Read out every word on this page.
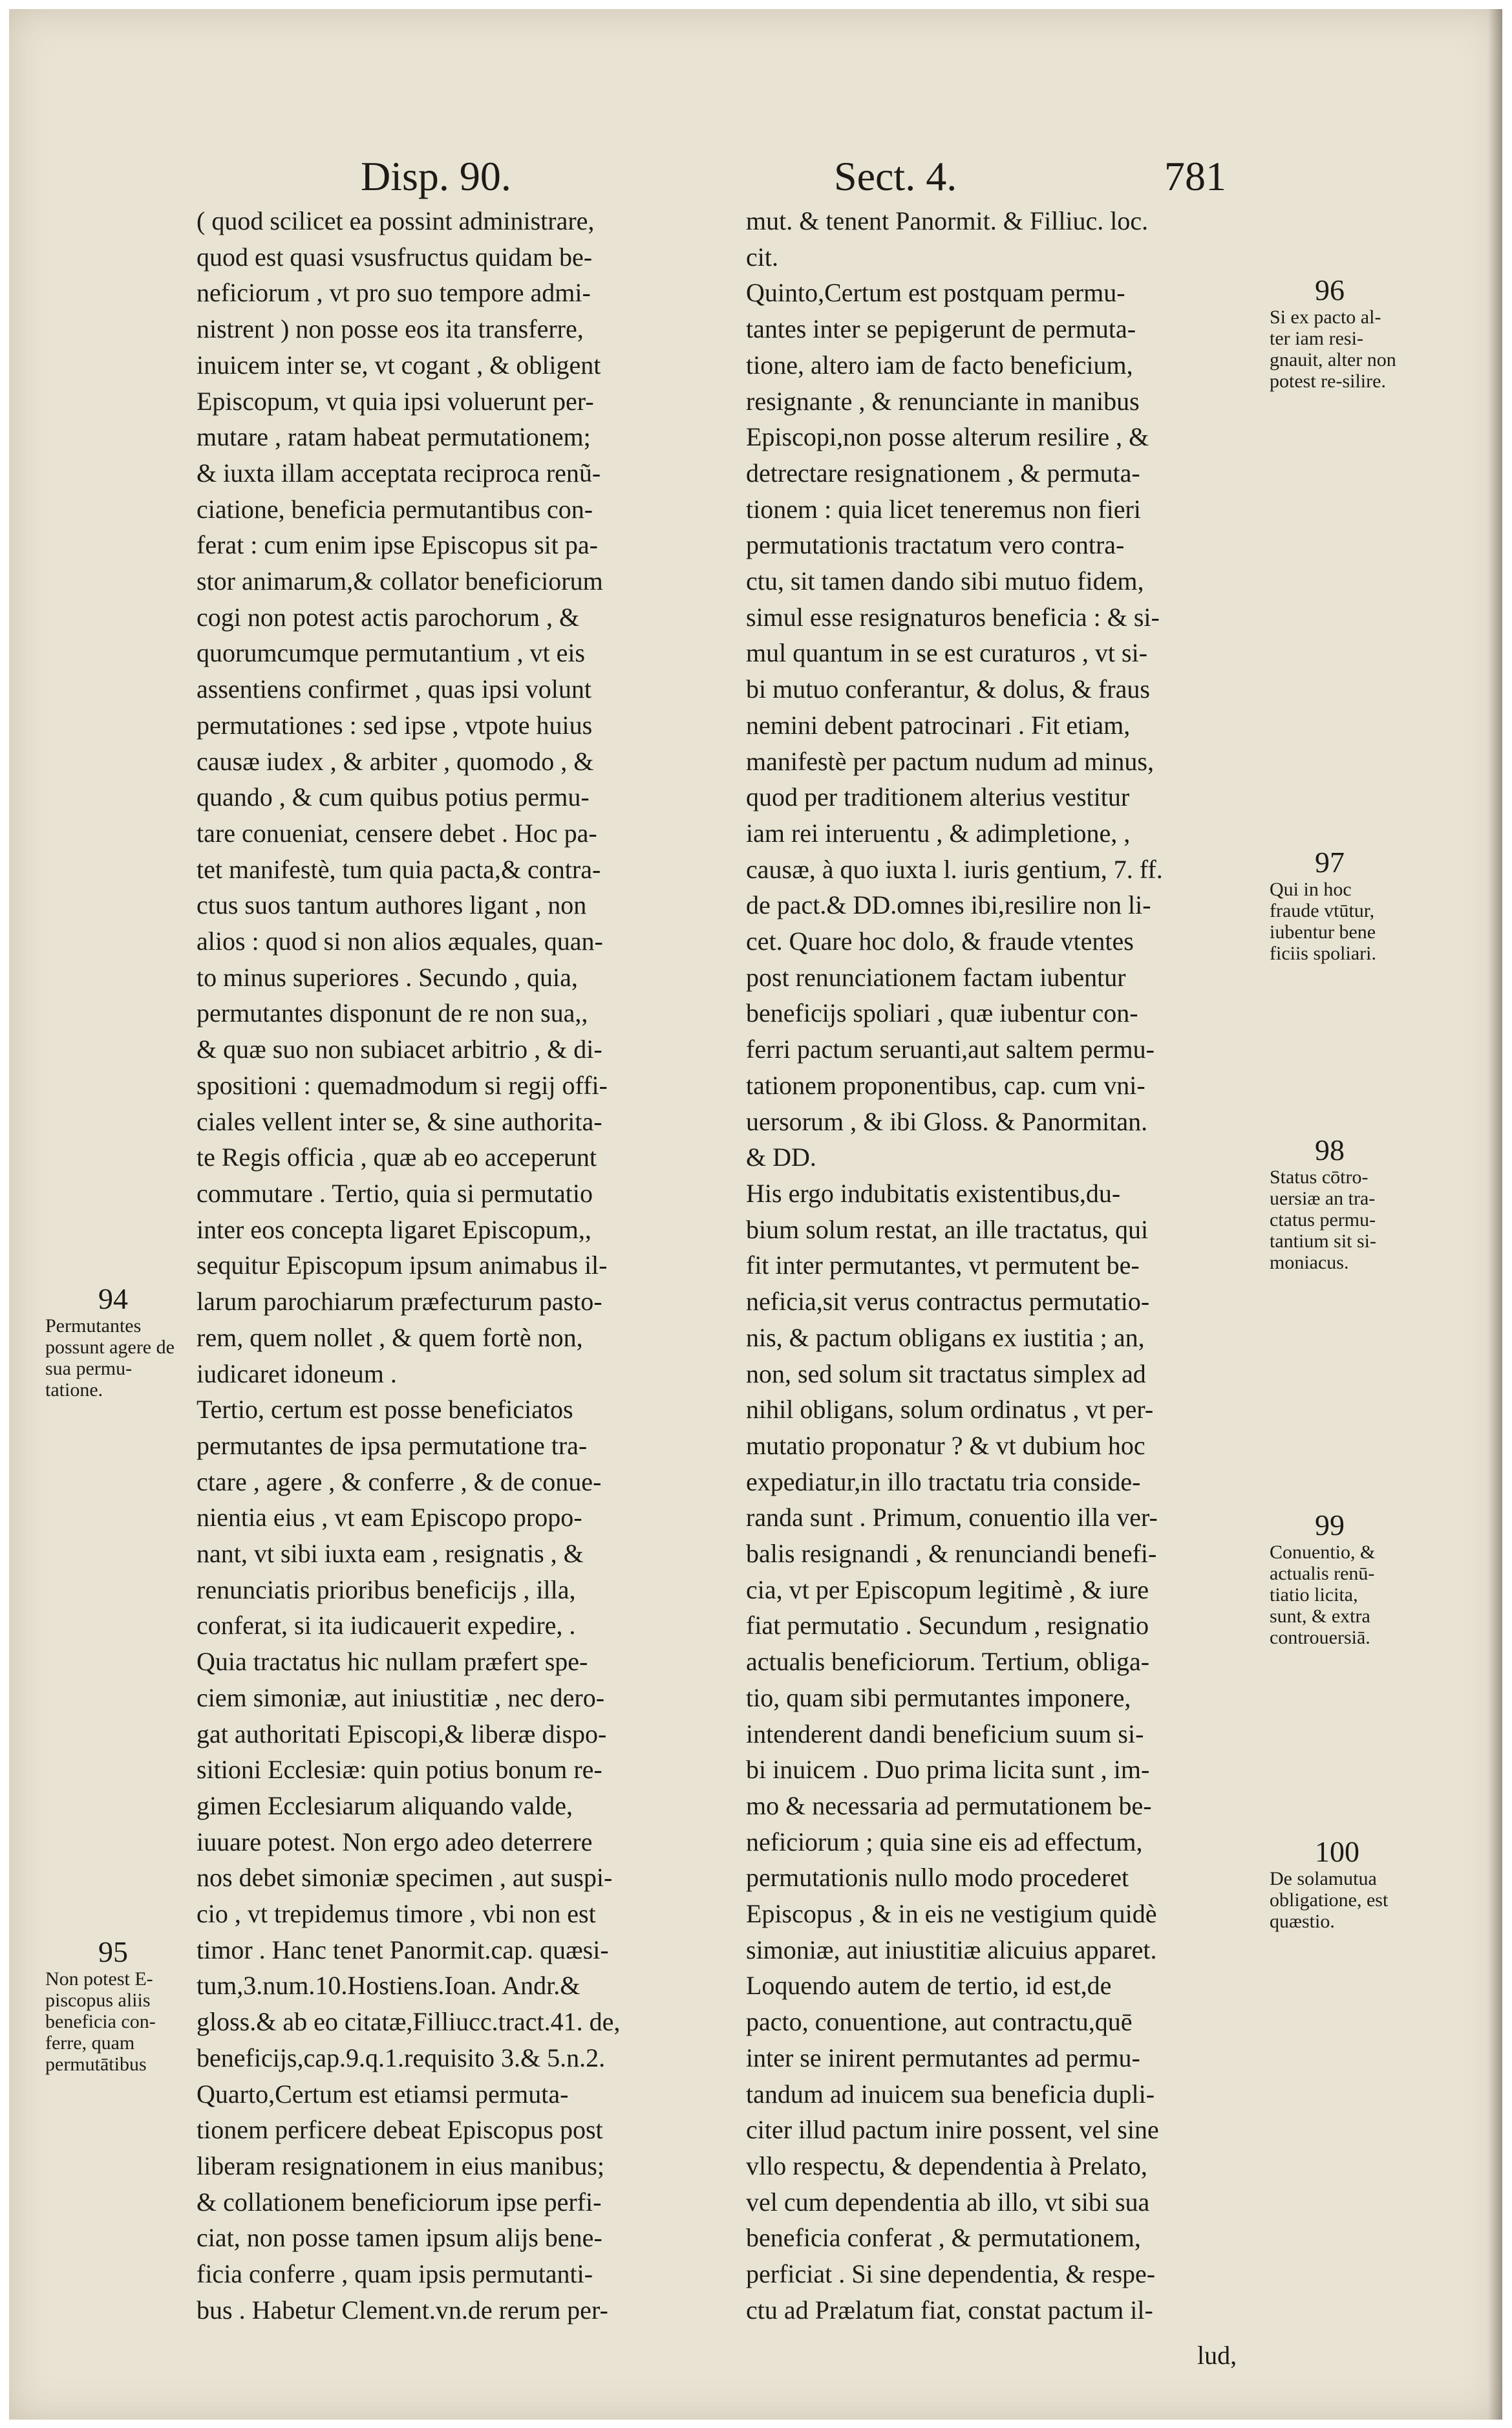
Disp. 90.	Sect. 4.	781
( quod scilicet ea possint administrare,
quod est quasi vsusfructus quidam be-
neficiorum , vt pro suo tempore admi-
nistrent ) non posse eos ita transferre,
inuicem inter se, vt cogant , & obligent
Episcopum, vt quia ipsi voluerunt per-
mutare , ratam habeat permutationem;
& iuxta illam acceptata reciproca renũ-
ciatione, beneficia permutantibus con-
ferat : cum enim ipse Episcopus sit pa-
stor animarum,& collator beneficiorum
cogi non potest actis parochorum , &
quorumcumque permutantium , vt eis
assentiens confirmet , quas ipsi volunt
permutationes : sed ipse , vtpote huius
causæ iudex , & arbiter , quomodo , &
quando , & cum quibus potius permu-
tare conueniat, censere debet . Hoc pa-
tet manifestè, tum quia pacta,& contra-
ctus suos tantum authores ligant , non
alios : quod si non alios æquales, quan-
to minus superiores . Secundo , quia,
permutantes disponunt de re non sua,,
& quæ suo non subiacet arbitrio , & di-
spositioni : quemadmodum si regij offi-
ciales vellent inter se, & sine authorita-
te Regis officia , quæ ab eo acceperunt
commutare . Tertio, quia si permutatio
inter eos concepta ligaret Episcopum,,
sequitur Episcopum ipsum animabus il-
larum parochiarum præfecturum pasto-
rem, quem nollet , & quem fortè non,
iudicaret idoneum .
Tertio, certum est posse beneficiatos
permutantes de ipsa permutatione tra-
ctare , agere , & conferre , & de conue-
nientia eius , vt eam Episcopo propo-
nant, vt sibi iuxta eam , resignatis , &
renunciatis prioribus beneficijs , illa,
conferat, si ita iudicauerit expedire, .
Quia tractatus hic nullam præfert spe-
ciem simoniæ, aut iniustitiæ , nec dero-
gat authoritati Episcopi,& liberæ dispo-
sitioni Ecclesiæ: quin potius bonum re-
gimen Ecclesiarum aliquando valde,
iuuare potest. Non ergo adeo deterrere
nos debet simoniæ specimen , aut suspi-
cio , vt trepidemus timore , vbi non est
timor . Hanc tenet Panormit.cap. quæsi-
tum,3.num.10.Hostiens.Ioan. Andr.&
gloss.& ab eo citatæ,Filliucc.tract.41. de,
beneficijs,cap.9.q.1.requisito 3.& 5.n.2.
Quarto,Certum est etiamsi permuta-
tionem perficere debeat Episcopus post
liberam resignationem in eius manibus;
& collationem beneficiorum ipse perfi-
ciat, non posse tamen ipsum alijs bene-
ficia conferre , quam ipsis permutanti-
bus . Habetur Clement.vn.de rerum per-
mut. & tenent Panormit. & Filliuc. loc.
cit.
Quinto,Certum est postquam permu-
tantes inter se pepigerunt de permuta-
tione, altero iam de facto beneficium,
resignante , & renunciante in manibus
Episcopi,non posse alterum resilire , &
detrectare resignationem , & permuta-
tionem : quia licet teneremus non fieri
permutationis tractatum vero contra-
ctu, sit tamen dando sibi mutuo fidem,
simul esse resignaturos beneficia : & si-
mul quantum in se est curaturos , vt si-
bi mutuo conferantur, & dolus, & fraus
nemini debent patrocinari . Fit etiam,
manifestè per pactum nudum ad minus,
quod per traditionem alterius vestitur
iam rei interuentu , & adimpletione, ,
causæ, à quo iuxta l. iuris gentium, 7. ff.
de pact.& DD.omnes ibi,resilire non li-
cet. Quare hoc dolo, & fraude vtentes
post renunciationem factam iubentur
beneficijs spoliari , quæ iubentur con-
ferri pactum seruanti,aut saltem permu-
tationem proponentibus, cap. cum vni-
uersorum , & ibi Gloss. & Panormitan.
& DD.
His ergo indubitatis existentibus,du-
bium solum restat, an ille tractatus, qui
fit inter permutantes, vt permutent be-
neficia,sit verus contractus permutatio-
nis, & pactum obligans ex iustitia ; an,
non, sed solum sit tractatus simplex ad
nihil obligans, solum ordinatus , vt per-
mutatio proponatur ? & vt dubium hoc
expediatur,in illo tractatu tria conside-
randa sunt . Primum, conuentio illa ver-
balis resignandi , & renunciandi benefi-
cia, vt per Episcopum legitimè , & iure
fiat permutatio . Secundum , resignatio
actualis beneficiorum. Tertium, obliga-
tio, quam sibi permutantes imponere,
intenderent dandi beneficium suum si-
bi inuicem . Duo prima licita sunt , im-
mo & necessaria ad permutationem be-
neficiorum ; quia sine eis ad effectum,
permutationis nullo modo procederet
Episcopus , & in eis ne vestigium quidè
simoniæ, aut iniustitiæ alicuius apparet.
Loquendo autem de tertio, id est,de
pacto, conuentione, aut contractu,quē
inter se inirent permutantes ad permu-
tandum ad inuicem sua beneficia dupli-
citer illud pactum inire possent, vel sine
vllo respectu, & dependentia à Prelato,
vel cum dependentia ab illo, vt sibi sua
beneficia conferat , & permutationem,
perficiat . Si sine dependentia, & respe-
ctu ad Prælatum fiat, constat pactum il-
94
Permutantes possunt agere de sua permu-tatione.
95
Non potest E-piscopus aliis beneficia con-ferre, quam permutātibus
96
Si ex pacto al-ter iam resi-gnauit, alter non potest re-silire.
97
Qui in hoc fraude vtūtur, iubentur bene ficiis spoliari.
98
Status cōtro-uersiæ an tra-ctatus permu-tantium sit si-moniacus.
99
Conuentio, & actualis renū-tiatio licita, sunt, & extra controuersiā.
100
De solamutua obligatione, est quæstio.
lud,
